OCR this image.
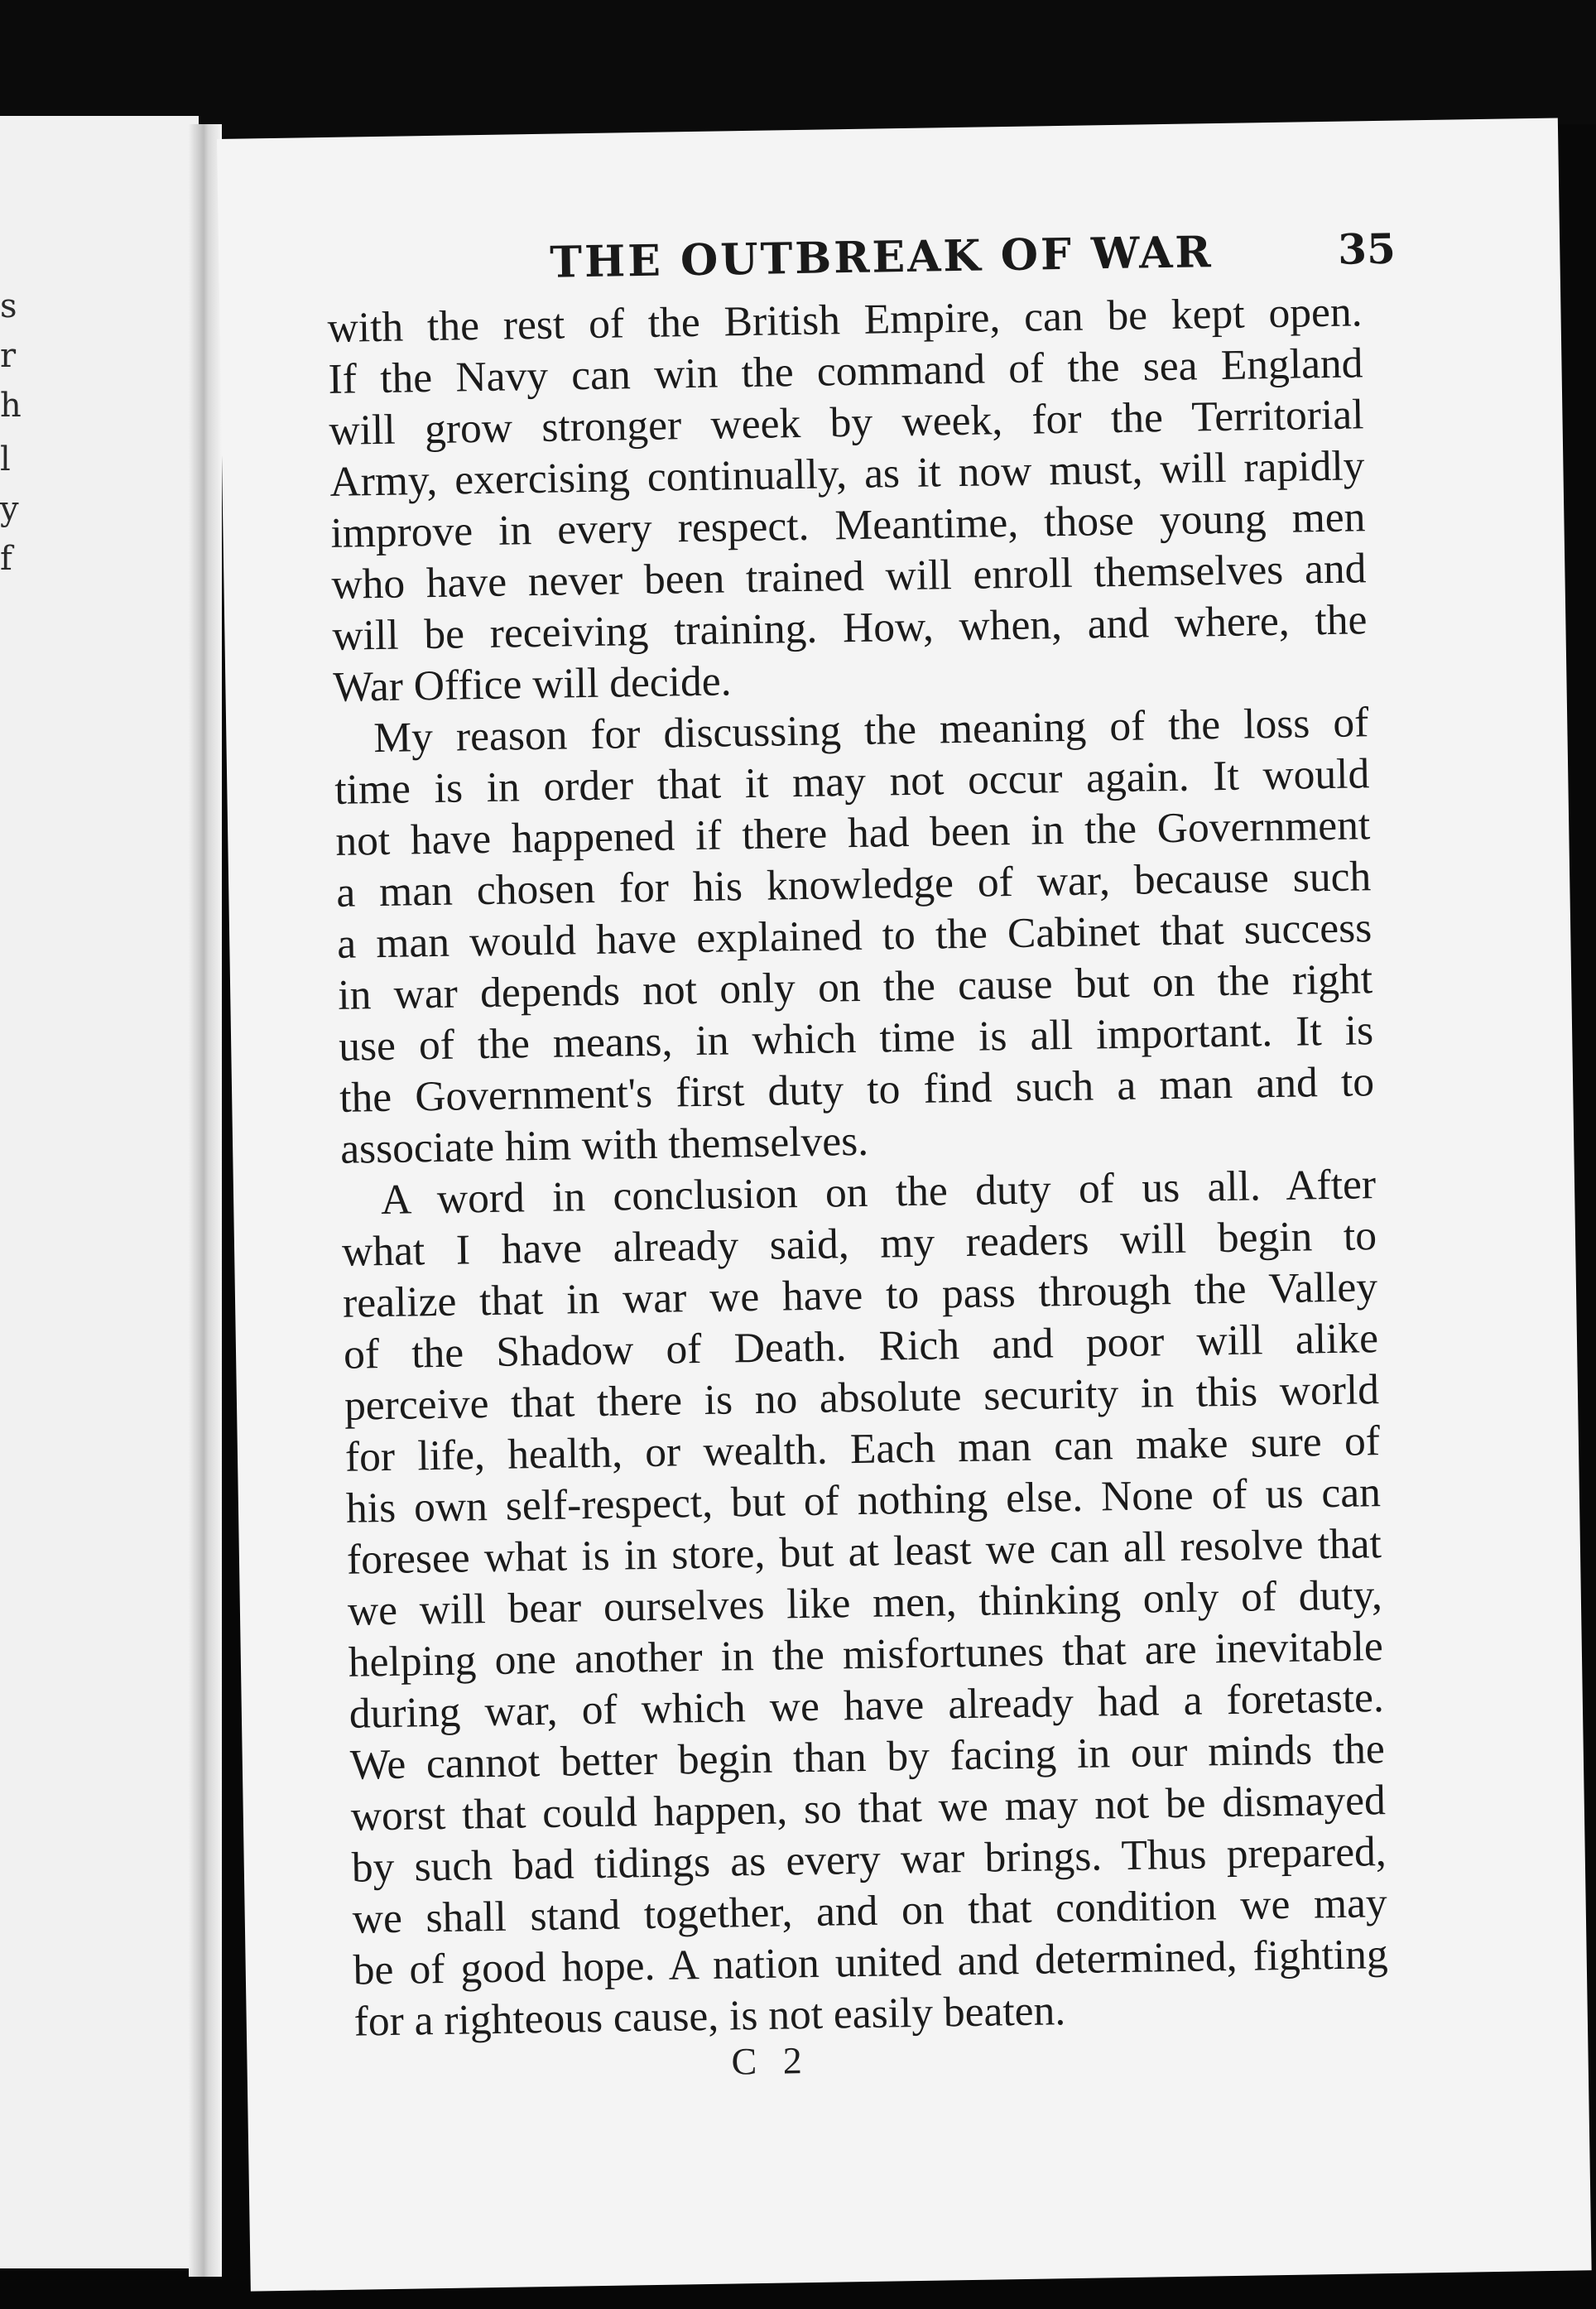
s
r
h
l
y
f
THE OUTBREAK OF WAR	35
with the rest of the British Empire, can be kept open.
If the Navy can win the command of the sea England
will grow stronger week by week, for the Territorial
Army, exercising continually, as it now must, will rapidly
improve in every respect. Meantime, those young men
who have never been trained will enroll themselves and
will be receiving training. How, when, and where, the
War Office will decide.
My reason for discussing the meaning of the loss of
time is in order that it may not occur again. It would
not have happened if there had been in the Government
a man chosen for his knowledge of war, because such
a man would have explained to the Cabinet that success
in war depends not only on the cause but on the right
use of the means, in which time is all important. It is
the Government's first duty to find such a man and to
associate him with themselves.
A word in conclusion on the duty of us all. After
what I have already said, my readers will begin to
realize that in war we have to pass through the Valley
of the Shadow of Death. Rich and poor will alike
perceive that there is no absolute security in this world
for life, health, or wealth. Each man can make sure of
his own self-respect, but of nothing else. None of us can
foresee what is in store, but at least we can all resolve that
we will bear ourselves like men, thinking only of duty,
helping one another in the misfortunes that are inevitable
during war, of which we have already had a foretaste.
We cannot better begin than by facing in our minds the
worst that could happen, so that we may not be dismayed
by such bad tidings as every war brings. Thus prepared,
we shall stand together, and on that condition we may
be of good hope. A nation united and determined, fighting
for a righteous cause, is not easily beaten.
C 2
